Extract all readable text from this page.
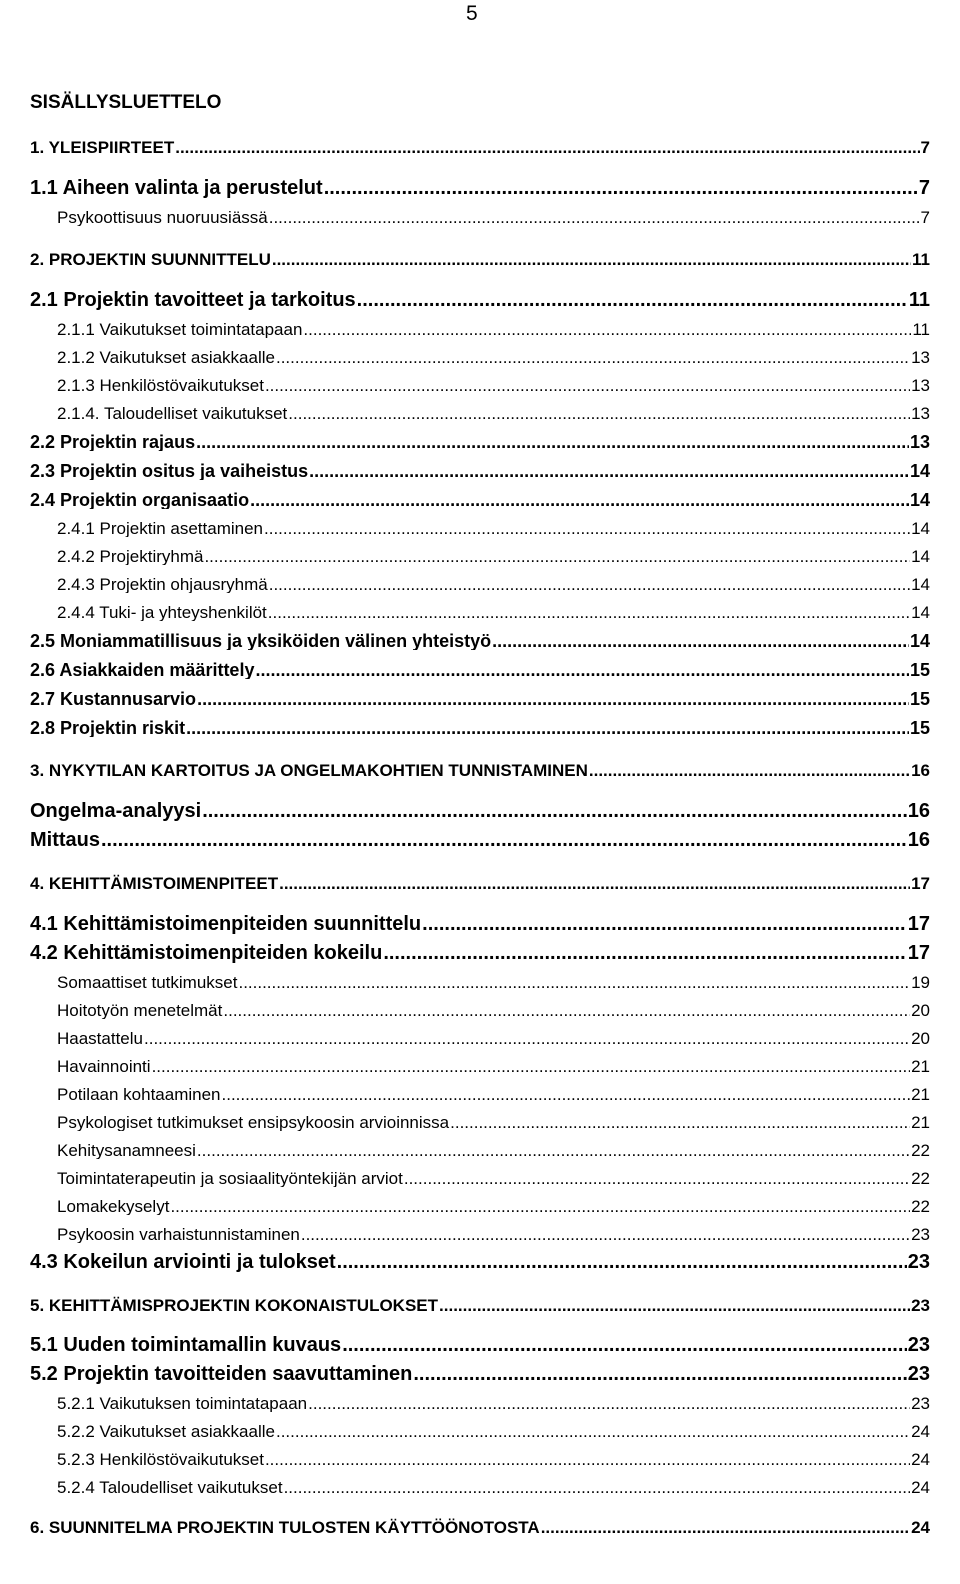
5
SISÄLLYSLUETTELO
1. YLEISPIIRTEET .....	7
1.1 Aiheen valinta ja perustelut .....	7
Psykoottisuus nuoruusiässä .....	7
2. PROJEKTIN SUUNNITTELU .....	11
2.1 Projektin tavoitteet ja tarkoitus .....	11
2.1.1 Vaikutukset toimintatapaan .....	11
2.1.2 Vaikutukset asiakkaalle .....	13
2.1.3 Henkilöstövaikutukset .....	13
2.1.4. Taloudelliset vaikutukset .....	13
2.2 Projektin rajaus .....	13
2.3 Projektin ositus ja vaiheistus .....	14
2.4 Projektin organisaatio .....	14
2.4.1 Projektin asettaminen .....	14
2.4.2 Projektiryhmä .....	14
2.4.3 Projektin ohjausryhmä .....	14
2.4.4 Tuki- ja yhteyshenkilöt .....	14
2.5 Moniammatillisuus ja yksiköiden välinen yhteistyö .....	14
2.6 Asiakkaiden määrittely .....	15
2.7 Kustannusarvio .....	15
2.8 Projektin riskit .....	15
3. NYKYTILAN KARTOITUS JA ONGELMAKOHTIEN TUNNISTAMINEN .....	16
Ongelma-analyysi .....	16
Mittaus .....	16
4. KEHITTÄMISTOIMENPITEET .....	17
4.1 Kehittämistoimenpiteiden suunnittelu .....	17
4.2 Kehittämistoimenpiteiden kokeilu .....	17
Somaattiset tutkimukset .....	19
Hoitotyön menetelmät .....	20
Haastattelu .....	20
Havainnointi .....	21
Potilaan kohtaaminen .....	21
Psykologiset tutkimukset ensipsykoosin arvioinnissa .....	21
Kehitysanamneesi .....	22
Toimintaterapeutin ja sosiaalityöntekijän arviot .....	22
Lomakekyselyt .....	22
Psykoosin varhaistunnistaminen .....	23
4.3 Kokeilun arviointi ja tulokset .....	23
5. KEHITTÄMISPROJEKTIN KOKONAISTULOKSET .....	23
5.1 Uuden toimintamallin kuvaus .....	23
5.2 Projektin tavoitteiden saavuttaminen .....	23
5.2.1 Vaikutuksen toimintatapaan .....	23
5.2.2 Vaikutukset asiakkaalle .....	24
5.2.3 Henkilöstövaikutukset .....	24
5.2.4 Taloudelliset vaikutukset .....	24
6. SUUNNITELMA PROJEKTIN TULOSTEN KÄYTTÖÖNOTOSTA .....	24
